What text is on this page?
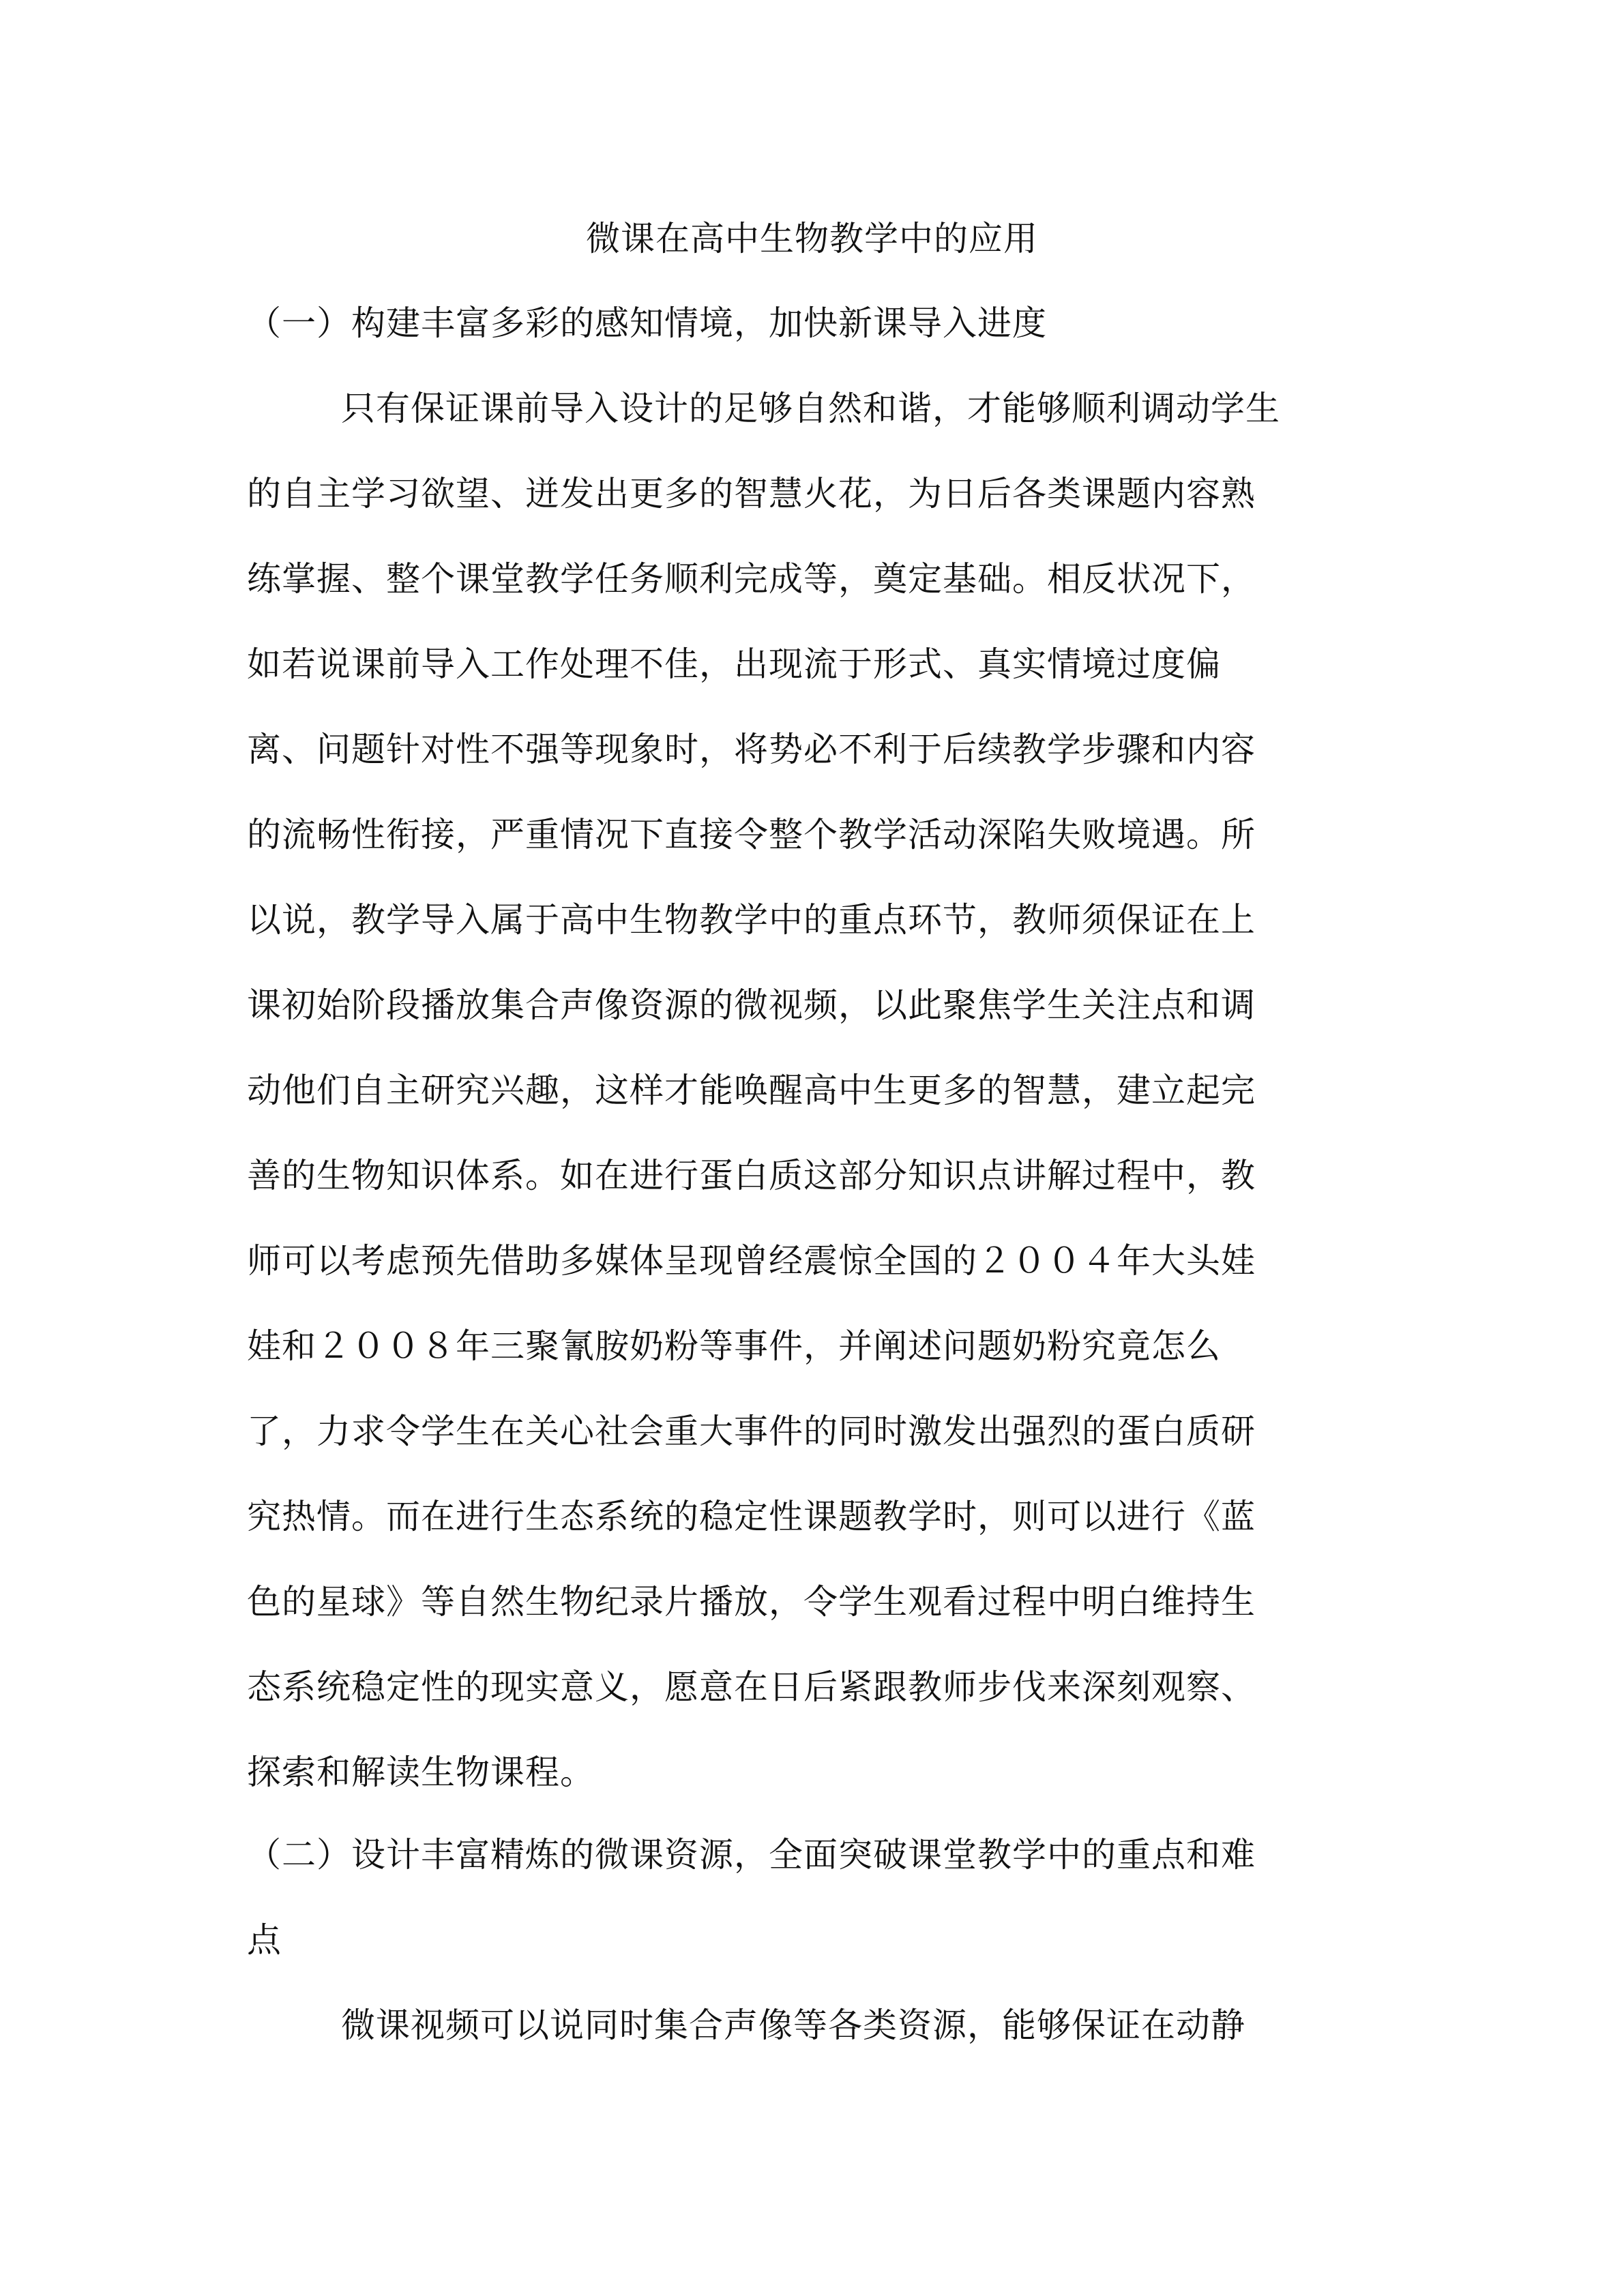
微课在高中生物教学中的应用
（一）构建丰富多彩的感知情境，加快新课导入进度
只有保证课前导入设计的足够自然和谐，才能够顺利调动学生
的自主学习欲望、迸发出更多的智慧火花，为日后各类课题内容熟
练掌握、整个课堂教学任务顺利完成等，奠定基础。相反状况下，
如若说课前导入工作处理不佳，出现流于形式、真实情境过度偏
离、问题针对性不强等现象时，将势必不利于后续教学步骤和内容
的流畅性衔接，严重情况下直接令整个教学活动深陷失败境遇。所
以说，教学导入属于高中生物教学中的重点环节，教师须保证在上
课初始阶段播放集合声像资源的微视频，以此聚焦学生关注点和调
动他们自主研究兴趣，这样才能唤醒高中生更多的智慧，建立起完
善的生物知识体系。如在进行蛋白质这部分知识点讲解过程中，教
师可以考虑预先借助多媒体呈现曾经震惊全国的２００４年大头娃
娃和２００８年三聚氰胺奶粉等事件，并阐述问题奶粉究竟怎么
了，力求令学生在关心社会重大事件的同时激发出强烈的蛋白质研
究热情。而在进行生态系统的稳定性课题教学时，则可以进行《蓝
色的星球》等自然生物纪录片播放，令学生观看过程中明白维持生
态系统稳定性的现实意义，愿意在日后紧跟教师步伐来深刻观察、
探索和解读生物课程。
（二）设计丰富精炼的微课资源，全面突破课堂教学中的重点和难
点
微课视频可以说同时集合声像等各类资源，能够保证在动静
